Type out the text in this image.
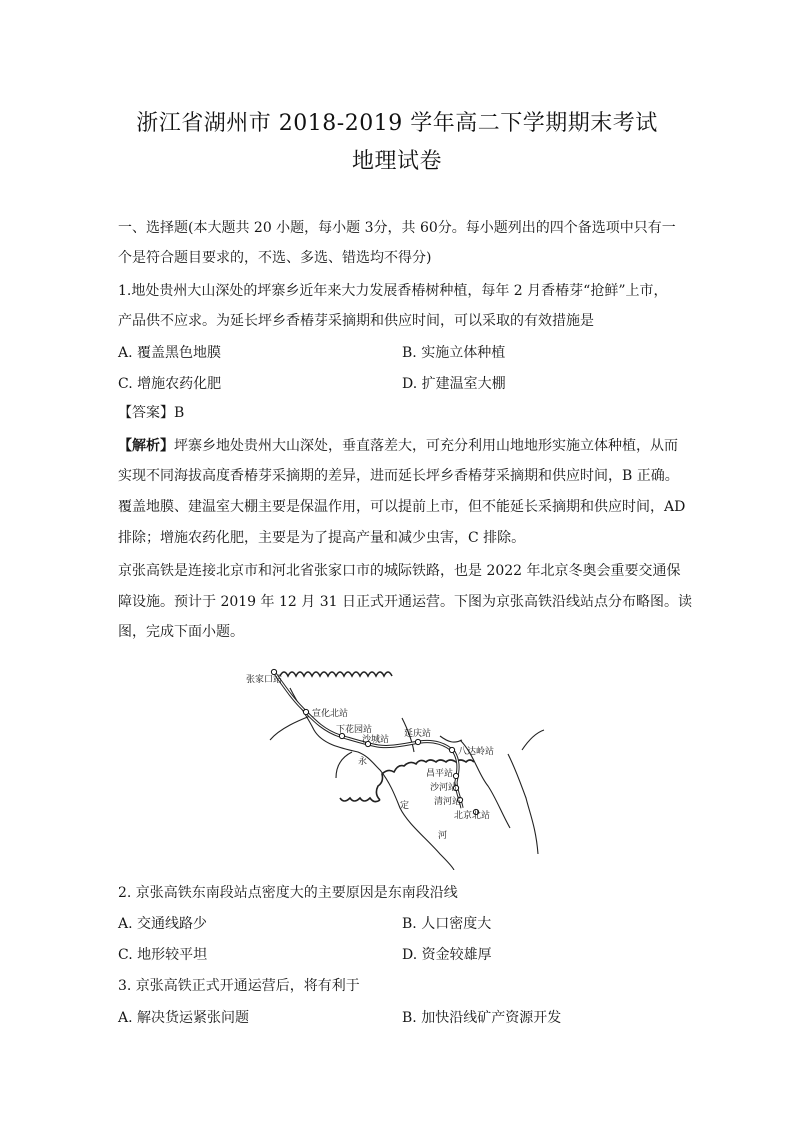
浙江省湖州市 2018-2019 学年高二下学期期末考试
地理试卷
一、选择题(本大题共 20 小题，每小题 3分，共 60分。每小题列出的四个备选项中只有一
个是符合题目要求的，不选、多选、错选均不得分)
1.地处贵州大山深处的坪寨乡近年来大力发展香椿树种植，每年 2 月香椿芽“抢鲜”上市，
产品供不应求。为延长坪乡香椿芽采摘期和供应时间，可以采取的有效措施是
A. 覆盖黑色地膜	B. 实施立体种植
C. 增施农药化肥	D. 扩建温室大棚
【答案】B
【解析】坪寨乡地处贵州大山深处，垂直落差大，可充分利用山地地形实施立体种植，从而
实现不同海拔高度香椿芽采摘期的差异，进而延长坪乡香椿芽采摘期和供应时间，B 正确。
覆盖地膜、建温室大棚主要是保温作用，可以提前上市，但不能延长采摘期和供应时间，AD
排除；增施农药化肥，主要是为了提高产量和减少虫害，C 排除。
京张高铁是连接北京市和河北省张家口市的城际铁路，也是 2022 年北京冬奥会重要交通保
障设施。预计于 2019 年 12 月 31 日正式开通运营。下图为京张高铁沿线站点分布略图。读
图，完成下面小题。
张家口站
宣化北站
下花园站
沙城站
延庆站
八达岭站
昌平站
沙河站
清河站
北京北站
永
定
河
2. 京张高铁东南段站点密度大的主要原因是东南段沿线
A. 交通线路少	B. 人口密度大
C. 地形较平坦	D. 资金较雄厚
3. 京张高铁正式开通运营后，将有利于
A. 解决货运紧张问题	B. 加快沿线矿产资源开发
